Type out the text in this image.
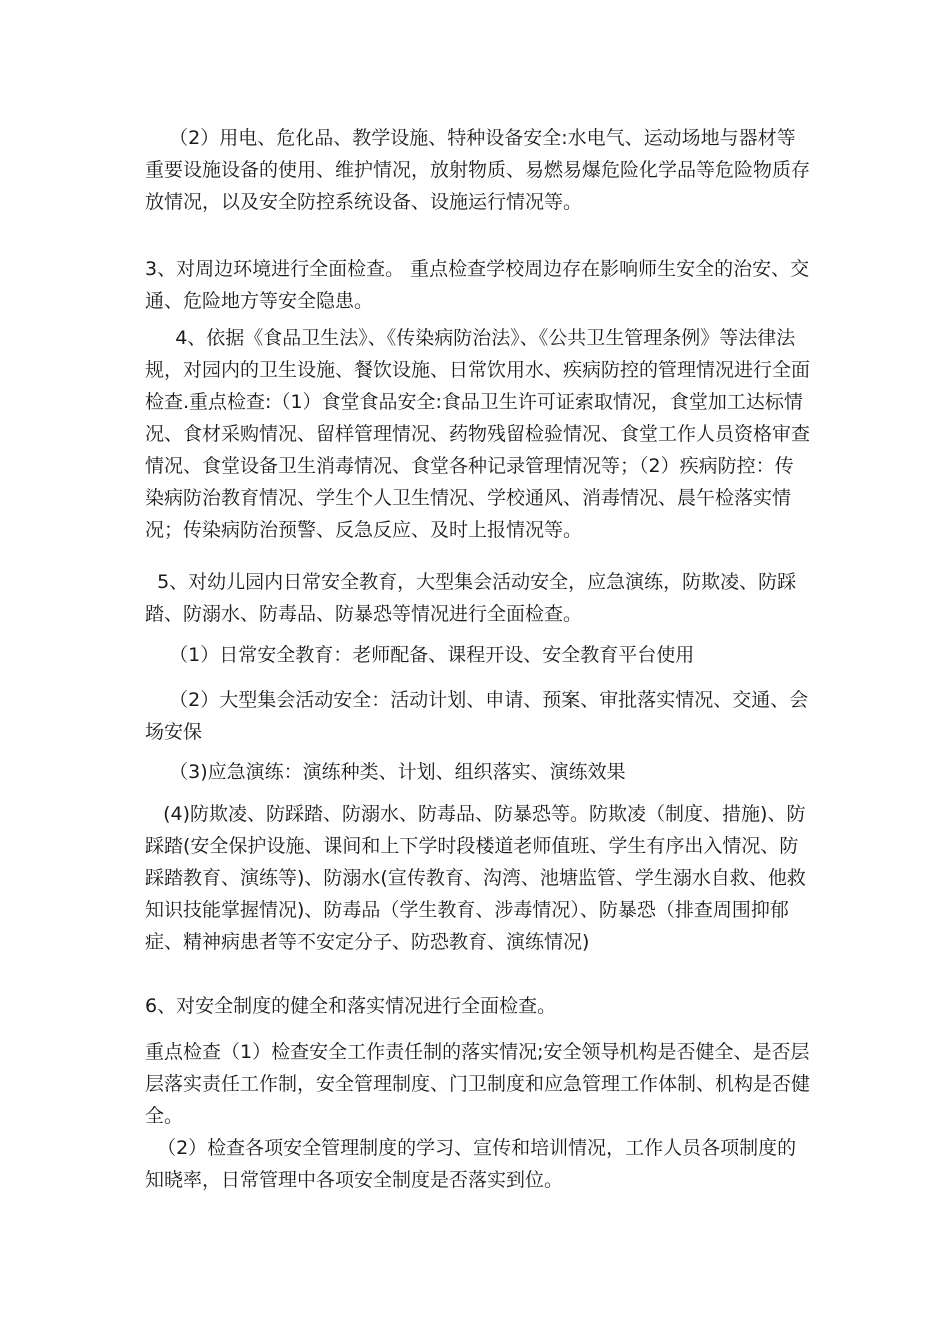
（2）用电、危化品、教学设施、特种设备安全:水电气、运动场地与器材等重要设施设备的使用、维护情况，放射物质、易燃易爆危险化学品等危险物质存放情况，以及安全防控系统设备、设施运行情况等。

3、对周边环境进行全面检查。 重点检查学校周边存在影响师生安全的治安、交通、危险地方等安全隐患。

4、依据《食品卫生法》、《传染病防治法》、《公共卫生管理条例》等法律法规，对园内的卫生设施、餐饮设施、日常饮用水、疾病防控的管理情况进行全面检查.重点检查:（1）食堂食品安全:食品卫生许可证索取情况，食堂加工达标情况、食材采购情况、留样管理情况、药物残留检验情况、食堂工作人员资格审查情况、食堂设备卫生消毒情况、食堂各种记录管理情况等；（2）疾病防控：传染病防治教育情况、学生个人卫生情况、学校通风、消毒情况、晨午检落实情况；传染病防治预警、反急反应、及时上报情况等。

5、对幼儿园内日常安全教育，大型集会活动安全，应急演练，防欺凌、防踩踏、防溺水、防毒品、防暴恐等情况进行全面检查。

（1）日常安全教育：老师配备、课程开设、安全教育平台使用

（2）大型集会活动安全：活动计划、申请、预案、审批落实情况、交通、会场安保

（3)应急演练：演练种类、计划、组织落实、演练效果

(4)防欺凌、防踩踏、防溺水、防毒品、防暴恐等。防欺凌（制度、措施)、防踩踏(安全保护设施、课间和上下学时段楼道老师值班、学生有序出入情况、防踩踏教育、演练等)、防溺水(宣传教育、沟湾、池塘监管、学生溺水自救、他救知识技能掌握情况)、防毒品（学生教育、涉毒情况）、防暴恐（排查周围抑郁症、精神病患者等不安定分子、防恐教育、演练情况)

6、对安全制度的健全和落实情况进行全面检查。

重点检查（1）检查安全工作责任制的落实情况;安全领导机构是否健全、是否层层落实责任工作制，安全管理制度、门卫制度和应急管理工作体制、机构是否健全。

（2）检查各项安全管理制度的学习、宣传和培训情况，工作人员各项制度的知晓率，日常管理中各项安全制度是否落实到位。
